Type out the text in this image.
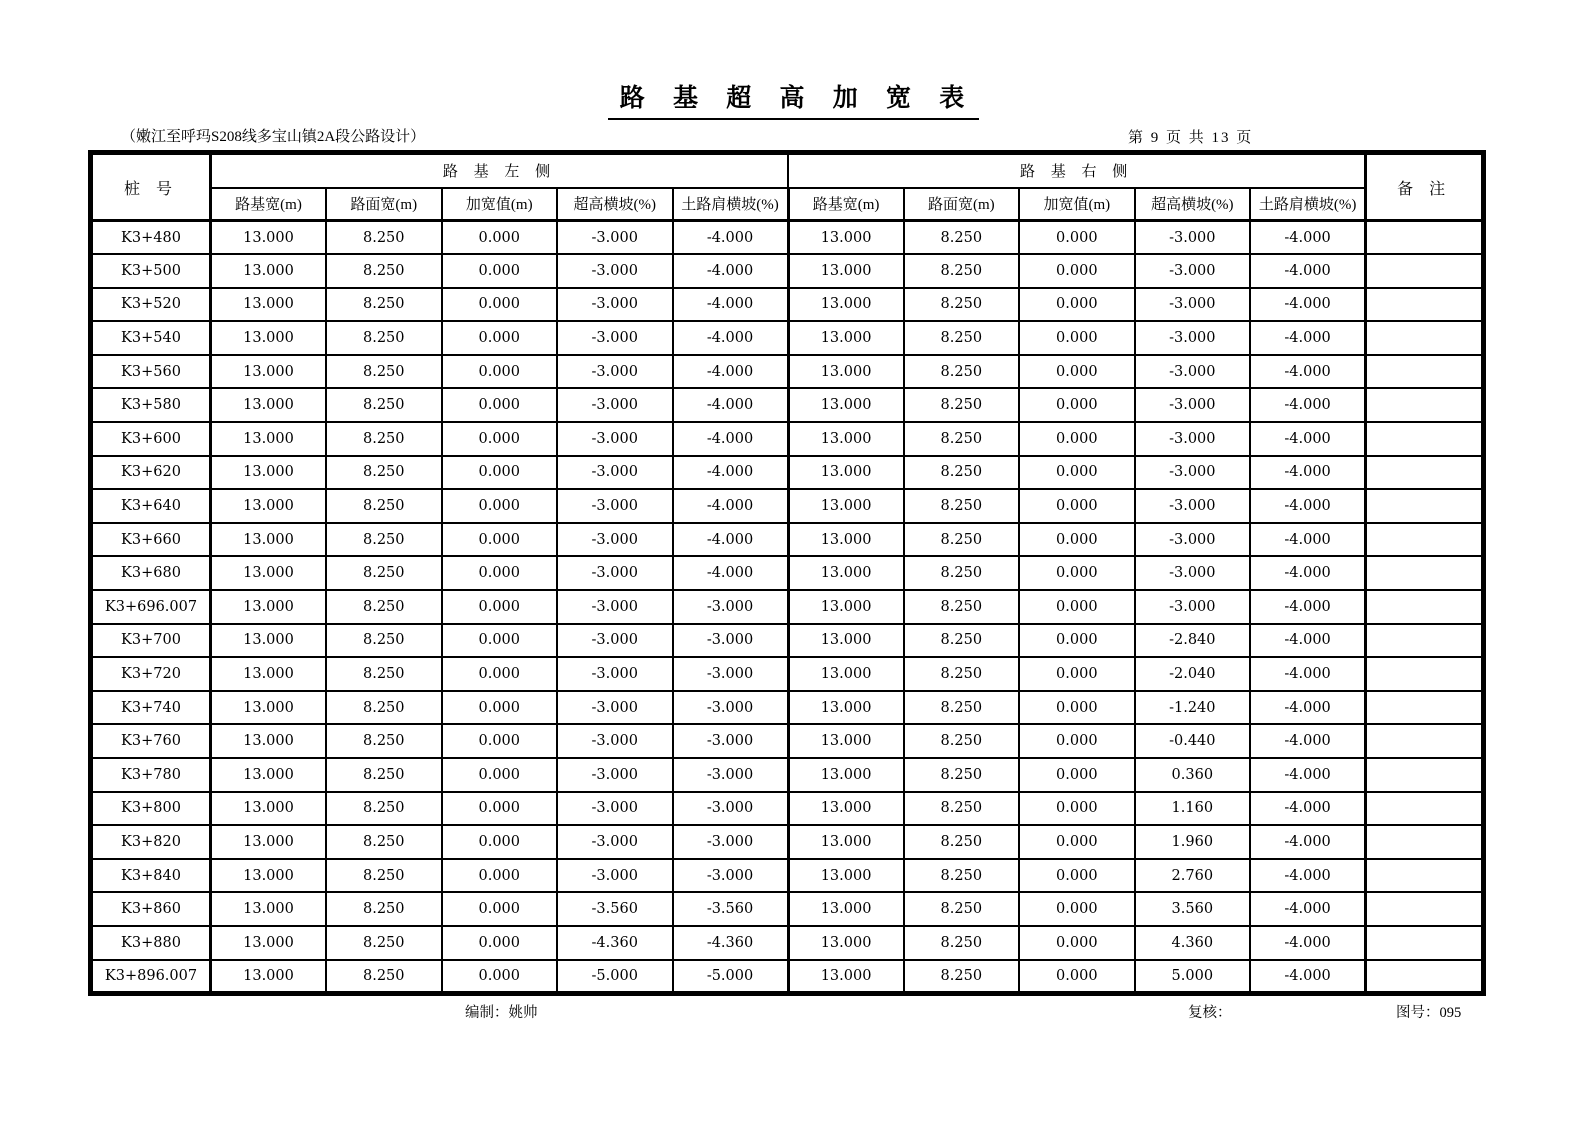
路 基 超 高 加 宽 表
（嫩江至呼玛S208线多宝山镇2A段公路设计）	第 9 页 共 13 页
桩 号	路 基 左 侧					路 基 右 侧					备 注
	路基宽(m)	路面宽(m)	加宽值(m)	超高横坡(%)	土路肩横坡(%)	路基宽(m)	路面宽(m)	加宽值(m)	超高横坡(%)	土路肩横坡(%)	
K3+480	13.000	8.250	0.000	-3.000	-4.000	13.000	8.250	0.000	-3.000	-4.000	
K3+500	13.000	8.250	0.000	-3.000	-4.000	13.000	8.250	0.000	-3.000	-4.000	
K3+520	13.000	8.250	0.000	-3.000	-4.000	13.000	8.250	0.000	-3.000	-4.000	
K3+540	13.000	8.250	0.000	-3.000	-4.000	13.000	8.250	0.000	-3.000	-4.000	
K3+560	13.000	8.250	0.000	-3.000	-4.000	13.000	8.250	0.000	-3.000	-4.000	
K3+580	13.000	8.250	0.000	-3.000	-4.000	13.000	8.250	0.000	-3.000	-4.000	
K3+600	13.000	8.250	0.000	-3.000	-4.000	13.000	8.250	0.000	-3.000	-4.000	
K3+620	13.000	8.250	0.000	-3.000	-4.000	13.000	8.250	0.000	-3.000	-4.000	
K3+640	13.000	8.250	0.000	-3.000	-4.000	13.000	8.250	0.000	-3.000	-4.000	
K3+660	13.000	8.250	0.000	-3.000	-4.000	13.000	8.250	0.000	-3.000	-4.000	
K3+680	13.000	8.250	0.000	-3.000	-4.000	13.000	8.250	0.000	-3.000	-4.000	
K3+696.007	13.000	8.250	0.000	-3.000	-3.000	13.000	8.250	0.000	-3.000	-4.000	
K3+700	13.000	8.250	0.000	-3.000	-3.000	13.000	8.250	0.000	-2.840	-4.000	
K3+720	13.000	8.250	0.000	-3.000	-3.000	13.000	8.250	0.000	-2.040	-4.000	
K3+740	13.000	8.250	0.000	-3.000	-3.000	13.000	8.250	0.000	-1.240	-4.000	
K3+760	13.000	8.250	0.000	-3.000	-3.000	13.000	8.250	0.000	-0.440	-4.000	
K3+780	13.000	8.250	0.000	-3.000	-3.000	13.000	8.250	0.000	0.360	-4.000	
K3+800	13.000	8.250	0.000	-3.000	-3.000	13.000	8.250	0.000	1.160	-4.000	
K3+820	13.000	8.250	0.000	-3.000	-3.000	13.000	8.250	0.000	1.960	-4.000	
K3+840	13.000	8.250	0.000	-3.000	-3.000	13.000	8.250	0.000	2.760	-4.000	
K3+860	13.000	8.250	0.000	-3.560	-3.560	13.000	8.250	0.000	3.560	-4.000	
K3+880	13.000	8.250	0.000	-4.360	-4.360	13.000	8.250	0.000	4.360	-4.000	
K3+896.007	13.000	8.250	0.000	-5.000	-5.000	13.000	8.250	0.000	5.000	-4.000	
编制：姚帅	复核：	图号：095
